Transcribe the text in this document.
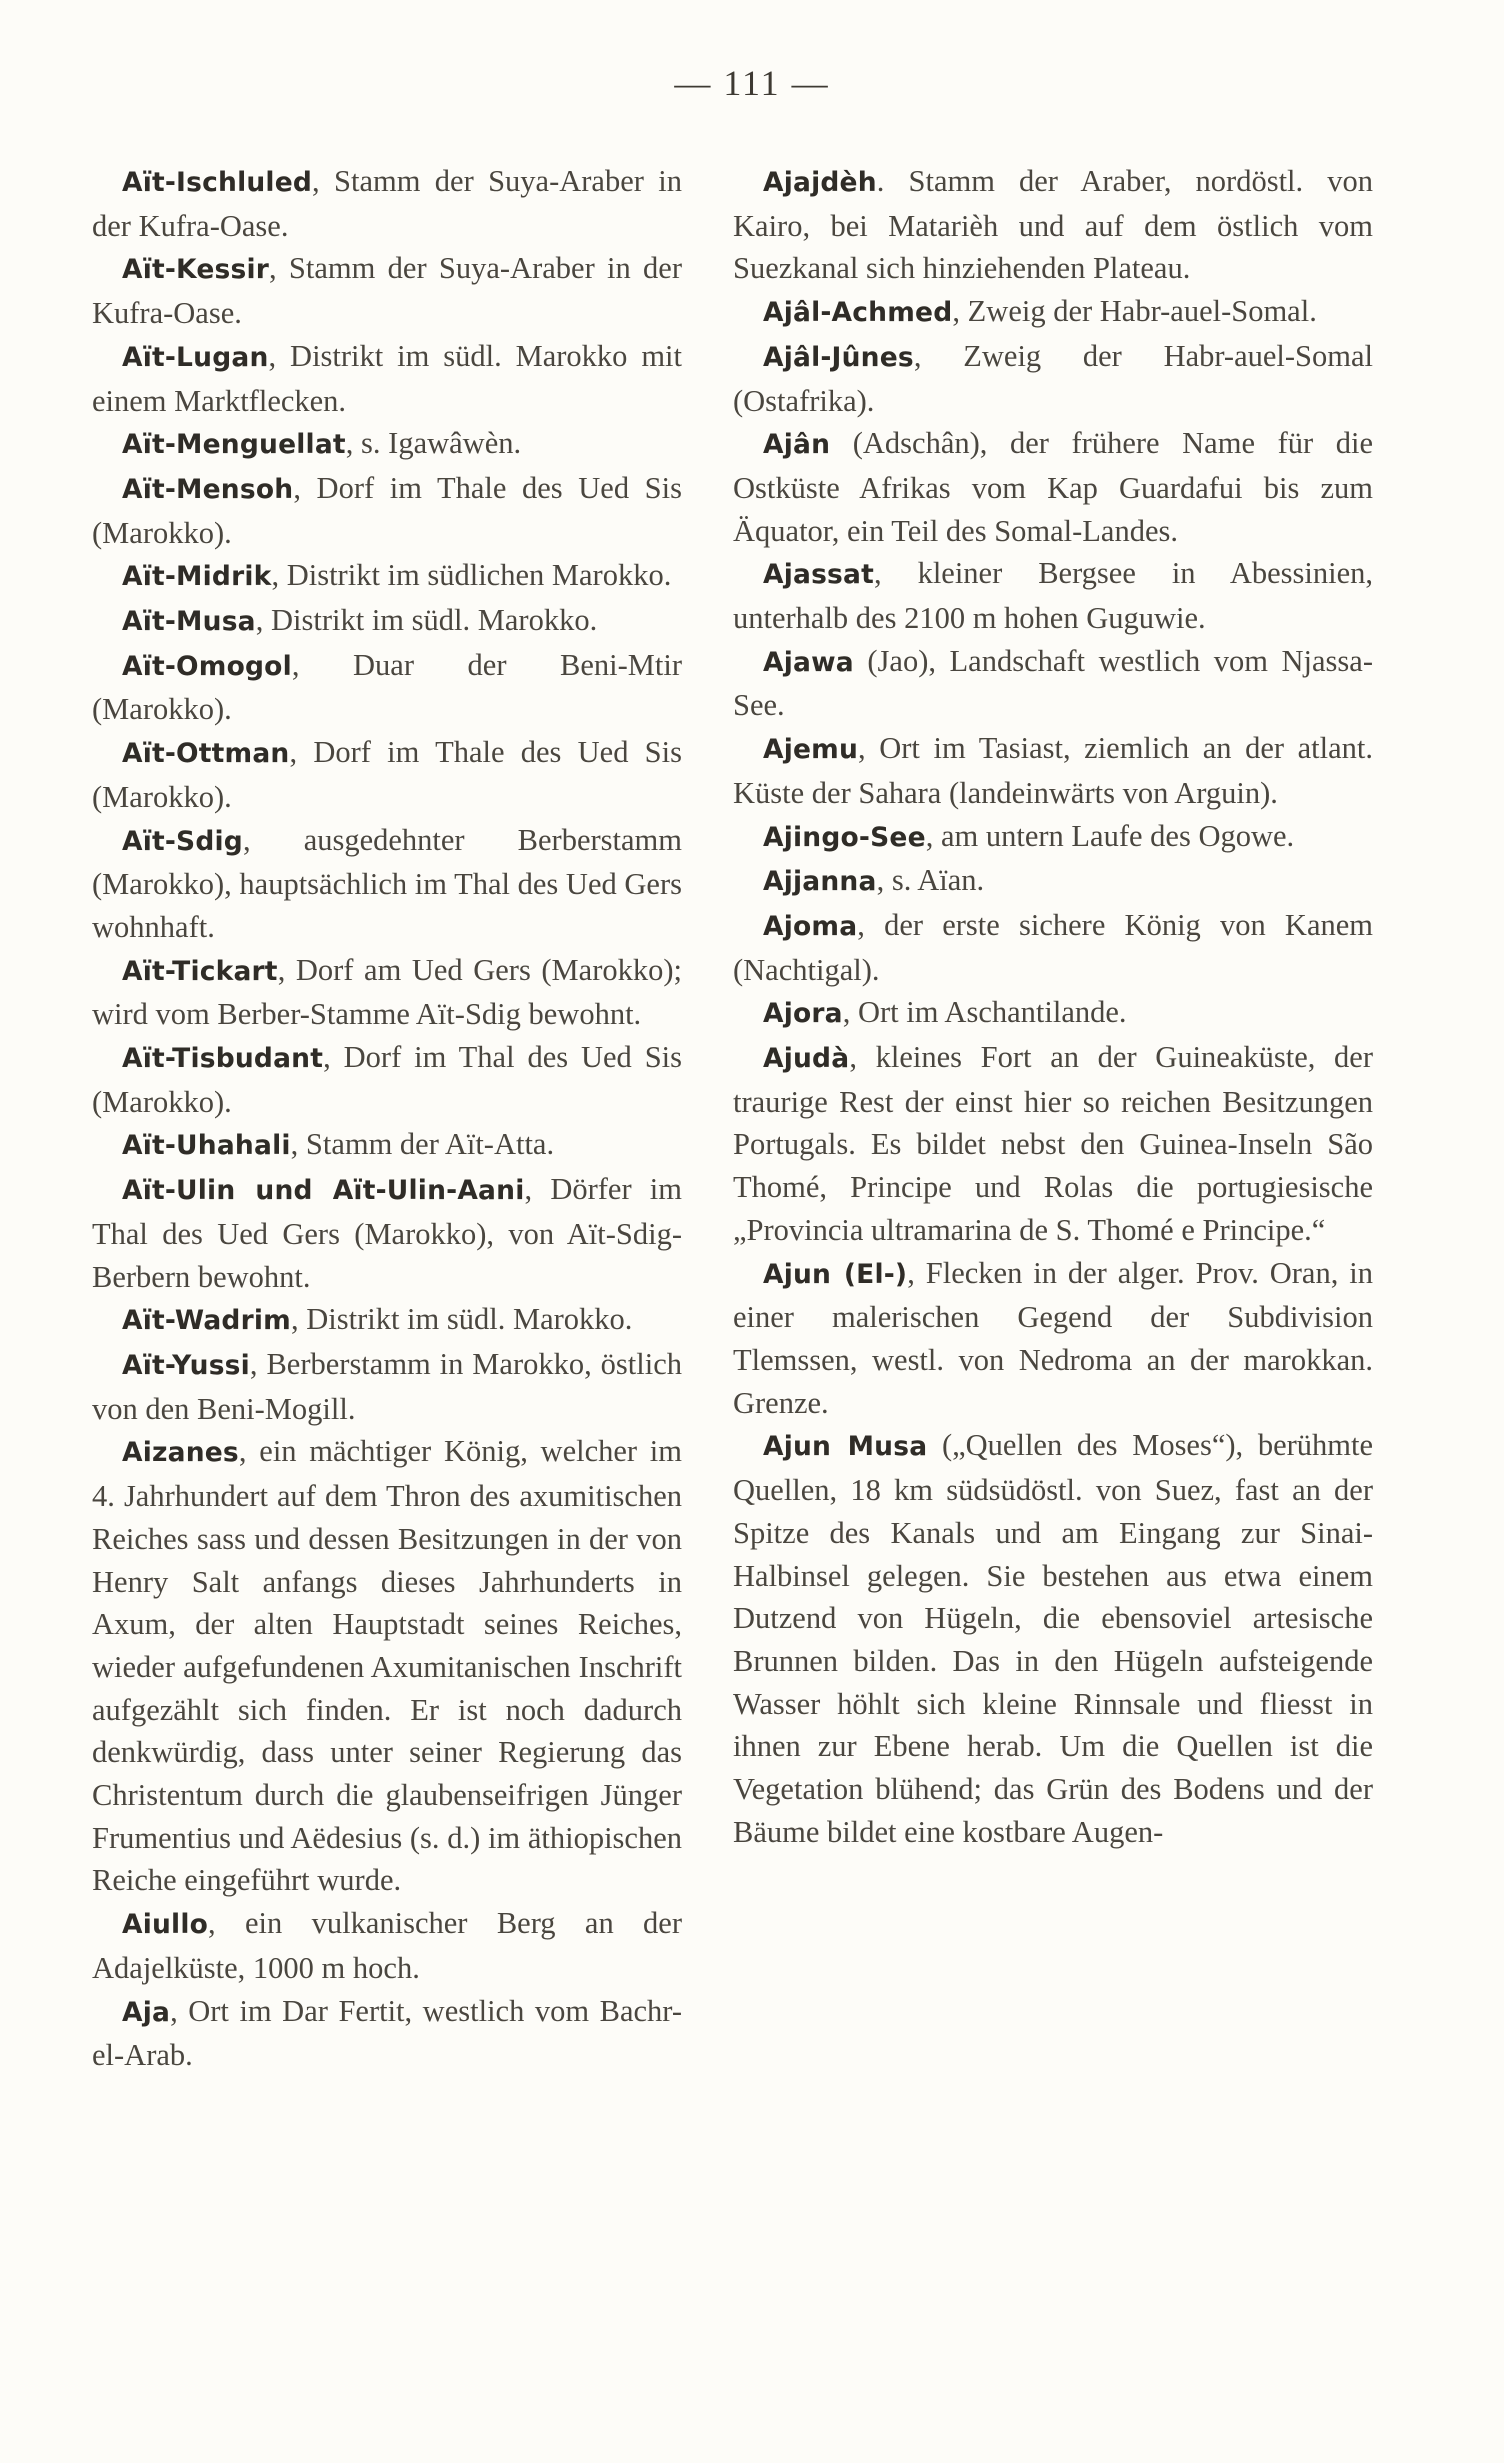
— 111 —

Aït-Ischluled, Stamm der Suya-Araber in der Kufra-Oase.

Aït-Kessir, Stamm der Suya-Araber in der Kufra-Oase.

Aït-Lugan, Distrikt im südl. Marokko mit einem Marktflecken.

Aït-Menguellat, s. Igawâwèn.

Aït-Mensoh, Dorf im Thale des Ued Sis (Marokko).

Aït-Midrik, Distrikt im südlichen Marokko.

Aït-Musa, Distrikt im südl. Marokko.

Aït-Omogol, Duar der Beni-Mtir (Marokko).

Aït-Ottman, Dorf im Thale des Ued Sis (Marokko).

Aït-Sdig, ausgedehnter Berberstamm (Marokko), hauptsächlich im Thal des Ued Gers wohnhaft.

Aït-Tickart, Dorf am Ued Gers (Marokko); wird vom Berber-Stamme Aït-Sdig bewohnt.

Aït-Tisbudant, Dorf im Thal des Ued Sis (Marokko).

Aït-Uhahali, Stamm der Aït-Atta.

Aït-Ulin und Aït-Ulin-Aani, Dörfer im Thal des Ued Gers (Marokko), von Aït-Sdig-Berbern bewohnt.

Aït-Wadrim, Distrikt im südl. Marokko.

Aït-Yussi, Berberstamm in Marokko, östlich von den Beni-Mogill.

Aizanes, ein mächtiger König, welcher im 4. Jahrhundert auf dem Thron des axumitischen Reiches sass und dessen Besitzungen in der von Henry Salt anfangs dieses Jahrhunderts in Axum, der alten Hauptstadt seines Reiches, wieder aufgefundenen Axumitanischen Inschrift aufgezählt sich finden. Er ist noch dadurch denkwürdig, dass unter seiner Regierung das Christentum durch die glaubenseifrigen Jünger Frumentius und Aëdesius (s. d.) im äthiopischen Reiche eingeführt wurde.

Aiullo, ein vulkanischer Berg an der Adajelküste, 1000 m hoch.

Aja, Ort im Dar Fertit, westlich vom Bachr-el-Arab.

Ajajdèh. Stamm der Araber, nordöstl. von Kairo, bei Matarièh und auf dem östlich vom Suezkanal sich hinziehenden Plateau.

Ajâl-Achmed, Zweig der Habr-auel-Somal.

Ajâl-Jûnes, Zweig der Habr-auel-Somal (Ostafrika).

Ajân (Adschân), der frühere Name für die Ostküste Afrikas vom Kap Guardafui bis zum Äquator, ein Teil des Somal-Landes.

Ajassat, kleiner Bergsee in Abessinien, unterhalb des 2100 m hohen Guguwie.

Ajawa (Jao), Landschaft westlich vom Njassa-See.

Ajemu, Ort im Tasiast, ziemlich an der atlant. Küste der Sahara (landeinwärts von Arguin).

Ajingo-See, am untern Laufe des Ogowe.

Ajjanna, s. Aïan.

Ajoma, der erste sichere König von Kanem (Nachtigal).

Ajora, Ort im Aschantilande.

Ajudà, kleines Fort an der Guineaküste, der traurige Rest der einst hier so reichen Besitzungen Portugals. Es bildet nebst den Guinea-Inseln São Thomé, Principe und Rolas die portugiesische „Provincia ultramarina de S. Thomé e Principe.“

Ajun (El-), Flecken in der alger. Prov. Oran, in einer malerischen Gegend der Subdivision Tlemssen, westl. von Nedroma an der marokkan. Grenze.

Ajun Musa („Quellen des Moses“), berühmte Quellen, 18 km südsüdöstl. von Suez, fast an der Spitze des Kanals und am Eingang zur Sinai-Halbinsel gelegen. Sie bestehen aus etwa einem Dutzend von Hügeln, die ebensoviel artesische Brunnen bilden. Das in den Hügeln aufsteigende Wasser höhlt sich kleine Rinnsale und fliesst in ihnen zur Ebene herab. Um die Quellen ist die Vegetation blühend; das Grün des Bodens und der Bäume bildet eine kostbare Augen-
